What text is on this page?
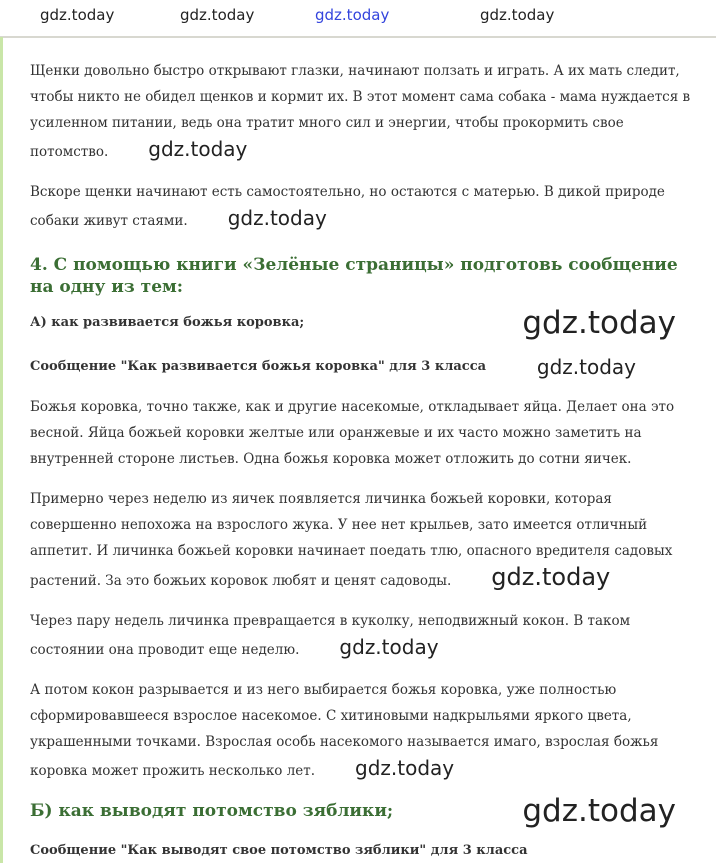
gdz.today	gdz.today	gdz.today	gdz.today

Щенки довольно быстро открывают глазки, начинают ползать и играть. А их мать следит, чтобы никто не обидел щенков и кормит их. В этот момент сама собака - мама нуждается в усиленном питании, ведь она тратит много сил и энергии, чтобы прокормить свое потомство. gdz.today

Вскоре щенки начинают есть самостоятельно, но остаются с матерью. В дикой природе собаки живут стаями. gdz.today

4. С помощью книги «Зелёные страницы» подготовь сообщение на одну из тем:
А) как развивается божья коровка;	gdz.today
Сообщение "Как развивается божья коровка" для 3 класса	gdz.today

Божья коровка, точно также, как и другие насекомые, откладывает яйца. Делает она это весной. Яйца божьей коровки желтые или оранжевые и их часто можно заметить на внутренней стороне листьев. Одна божья коровка может отложить до сотни яичек.

Примерно через неделю из яичек появляется личинка божьей коровки, которая совершенно непохожа на взрослого жука. У нее нет крыльев, зато имеется отличный аппетит. И личинка божьей коровки начинает поедать тлю, опасного вредителя садовых растений. За это божьих коровок любят и ценят садоводы. gdz.today

Через пару недель личинка превращается в куколку, неподвижный кокон. В таком состоянии она проводит еще неделю. gdz.today

А потом кокон разрывается и из него выбирается божья коровка, уже полностью сформировавшееся взрослое насекомое. С хитиновыми надкрыльями яркого цвета, украшенными точками. Взрослая особь насекомого называется имаго, взрослая божья коровка может прожить несколько лет. gdz.today

Б) как выводят потомство зяблики;	gdz.today
Сообщение "Как выводят свое потомство зяблики" для 3 класса
